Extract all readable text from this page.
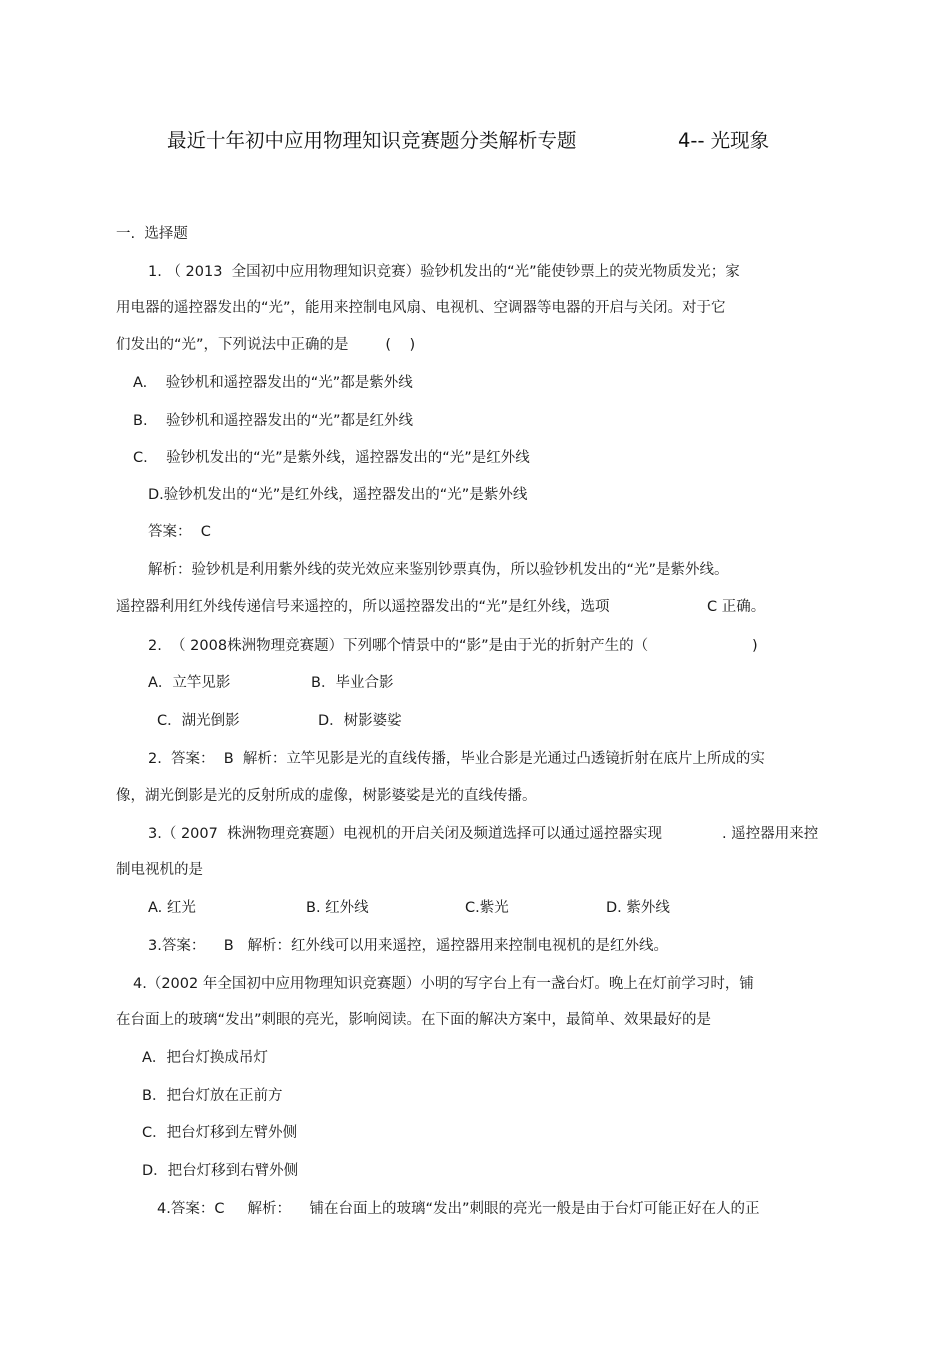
最近十年初中应用物理知识竞赛题分类解析专题	4-- 光现象
一.  选择题
1. （ 2013  全国初中应用物理知识竞赛）验钞机发出的“光”能使钞票上的荧光物质发光；家
用电器的遥控器发出的“光”，能用来控制电风扇、电视机、空调器等电器的开启与关闭。对于它
们发出的“光”，下列说法中正确的是        (    )
A.    验钞机和遥控器发出的“光”都是紫外线
B.    验钞机和遥控器发出的“光”都是红外线
C.    验钞机发出的“光”是紫外线，遥控器发出的“光”是红外线
D.验钞机发出的“光”是红外线，遥控器发出的“光”是紫外线
答案：  C
解析：验钞机是利用紫外线的荧光效应来鉴别钞票真伪，所以验钞机发出的“光”是紫外线。
遥控器利用红外线传递信号来遥控的，所以遥控器发出的“光”是红外线，选项	C 正确。
2.  （ 2008株洲物理竞赛题）下列哪个情景中的“影”是由于光的折射产生的（	)
A．立竿见影	B．毕业合影
C．湖光倒影	D．树影婆娑
2.  答案：  B  解析：立竿见影是光的直线传播，毕业合影是光通过凸透镜折射在底片上所成的实
像，湖光倒影是光的反射所成的虚像，树影婆娑是光的直线传播。
3.（ 2007  株洲物理竞赛题）电视机的开启关闭及频道选择可以通过遥控器实现	. 遥控器用来控
制电视机的是
A. 红光	B. 红外线	C.紫光	D. 紫外线
3.答案：    B   解析：红外线可以用来遥控，遥控器用来控制电视机的是红外线。
4.（2002 年全国初中应用物理知识竞赛题）小明的写字台上有一盏台灯。晚上在灯前学习时，铺
在台面上的玻璃“发出”刺眼的亮光，影响阅读。在下面的解决方案中，最简单、效果最好的是
A．把台灯换成吊灯
B．把台灯放在正前方
C．把台灯移到左臂外侧
D．把台灯移到右臂外侧
4.答案：C     解析：    铺在台面上的玻璃“发出”刺眼的亮光一般是由于台灯可能正好在人的正
